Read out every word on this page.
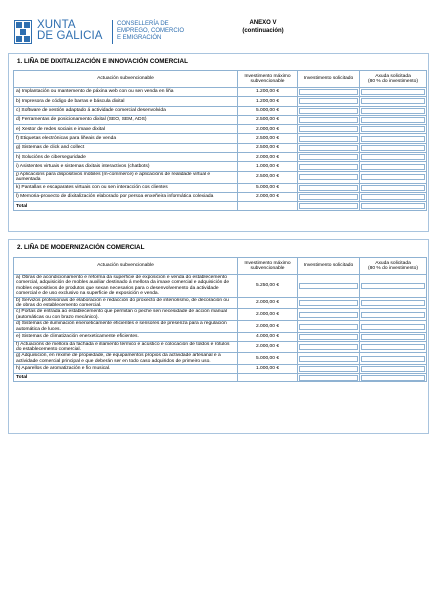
XUNTA
DE GALICIA
CONSELLERÍA DE
EMPREGO, COMERCIO
E EMIGRACIÓN
ANEXO V
(continuación)
1. LIÑA DE DIXITALIZACIÓN E INNOVACIÓN COMERCIAL
Actuación subvencionable	Investimento máximo subvencionable	Investimento solicitado	Axuda solicitada
(80 % do investimento)
a) Implantación ou mantemento de páxina web con ou sen venda en liña	1.200,00 €	

b) Impresora de código de barras e báscula dixital	1.200,00 €	

c) Software de xestión adaptado á actividade comercial desenvolvida	5.000,00 €	

d) Ferramentas de posicionamento dixital (SEO, SEM, ADS)	2.500,00 €	

e) Xestor de redes sociais e imaxe dixital	2.000,00 €	

f) Etiquetas electrónicas para liñeais de venda	2.500,00 €	

g) Sistemas de click and collect	2.500,00 €	

h) Solucións de ciberseguridade	2.000,00 €	

i) Asistentes virtuais e sistemas dixitais interactivos (chatbots)	1.000,00 €	

j) Aplicacións para dispositivos móbiles (m-commerce) e aplicacións de realidade virtual e aumentada	2.500,00 €	

k) Pantallas e escaparates virtuais con ou sen interacción cos clientes	5.000,00 €	

l) Memoria-proxecto de dixitalización elaborado por persoa enxeñeira informática colexiada	2.000,00 €	

Total		

2. LIÑA DE MODERNIZACIÓN COMERCIAL
Actuación subvencionable	Investimento máximo subvencionable	Investimento solicitado	Axuda solicitada
(80 % do investimento)
a) Obras de acondicionamento e reforma da superficie de exposición e venda do establecemento comercial, adquisición de mobles auxiliar destinado á mellora da imaxe comercial e adquisición de mobles expositivos de produtos que sexan necesarios para o desenvolvemento da actividade comercial e de uso exclusivo na superficie de exposición e venda.	5.250,00 €	

b) Servizos profesionais de elaboración e redacción do proxecto de interiorismo, de decoración ou de obras do establecemento comercial.	2.000,00 €	

c) Portas de entrada ao establecemento que permitan o peche sen necesidade de acción manual (automáticas ou con brazo mecánico).	2.000,00 €	

d) Sistemas de iluminación enerxeticamente eficientes e sensores de presenza para a regulación automática de luces.	2.000,00 €	

e) Sistemas de climatización enerxeticamente eficientes.	4.000,00 €	

f) Actuacións de mellora da fachada e illamento térmico e acústico e colocación de toldos e rótulos do establecemento comercial.	2.000,00 €	

g) Adquisición, en réxime de propiedade, de equipamentos propios da actividade artesanal e a actividade comercial principal e que deberán ser en todo caso adquiridos de primeiro uso.	5.000,00 €	

h) Aparellos de aromatización e fio musical.	1.000,00 €	

Total		
